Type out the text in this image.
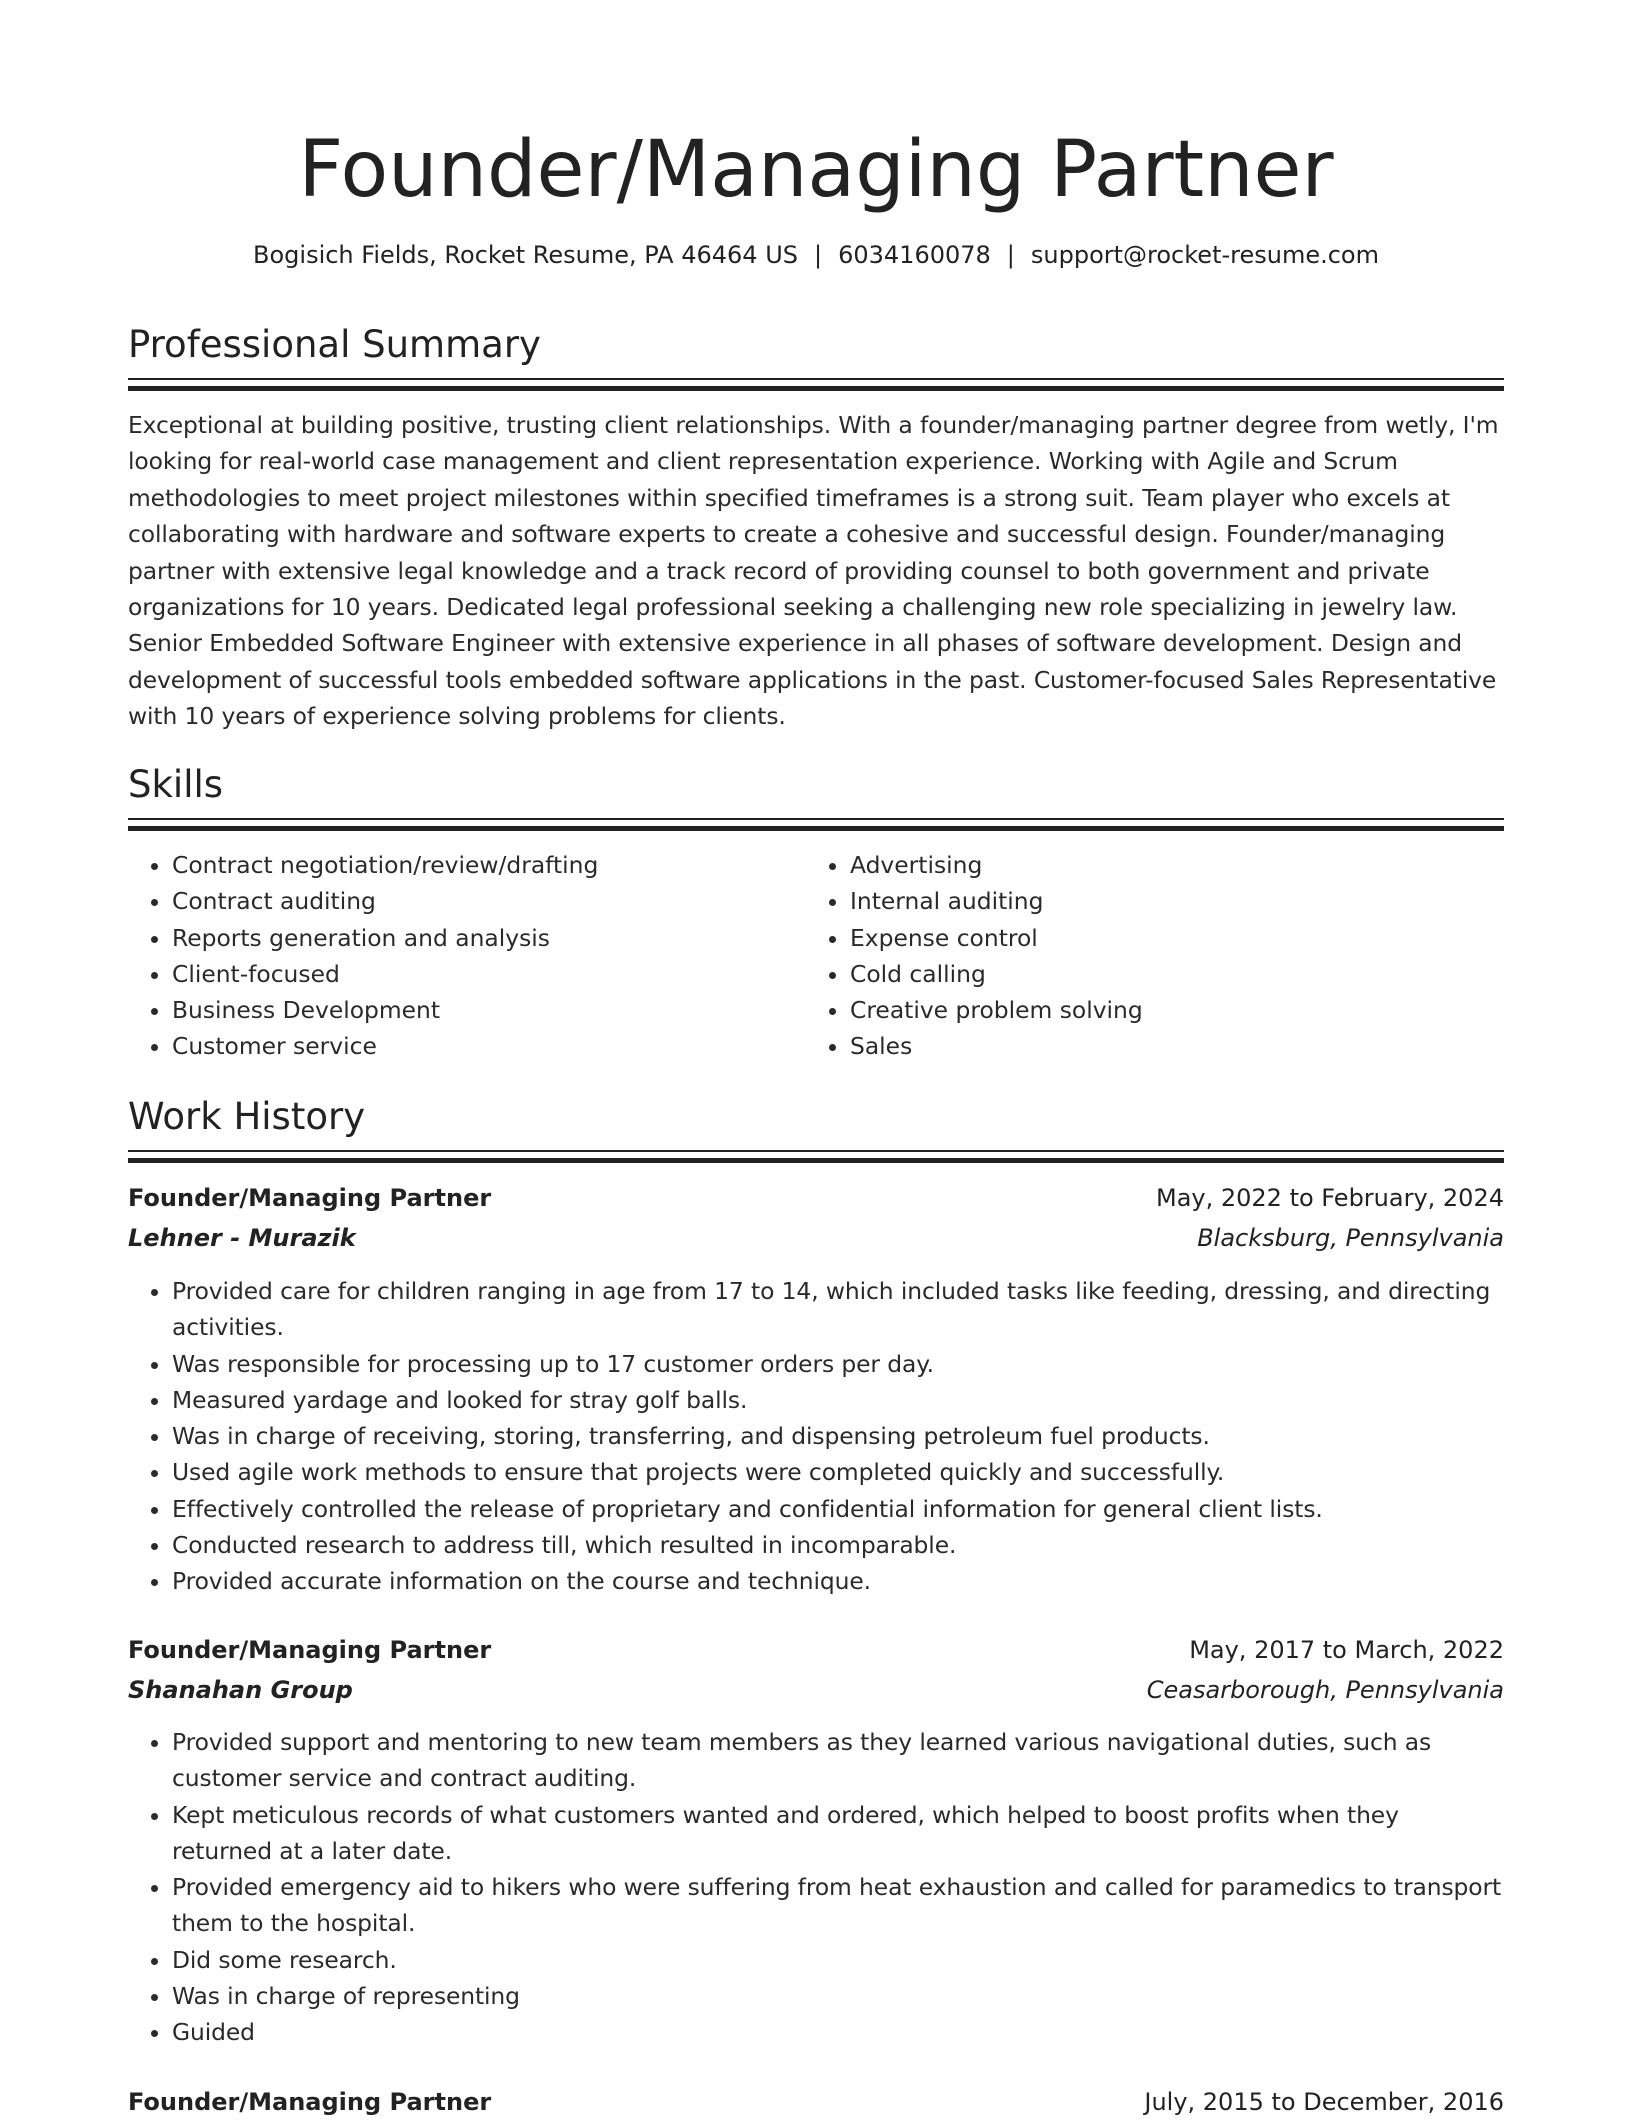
Founder/Managing Partner
Bogisich Fields, Rocket Resume, PA 46464 US | 6034160078 | support@rocket-resume.com
Professional Summary

Exceptional at building positive, trusting client relationships. With a founder/managing partner degree from wetly, I'm looking for real-world case management and client representation experience. Working with Agile and Scrum methodologies to meet project milestones within specified timeframes is a strong suit. Team player who excels at collaborating with hardware and software experts to create a cohesive and successful design. Founder/managing partner with extensive legal knowledge and a track record of providing counsel to both government and private organizations for 10 years. Dedicated legal professional seeking a challenging new role specializing in jewelry law. Senior Embedded Software Engineer with extensive experience in all phases of software development. Design and development of successful tools embedded software applications in the past. Customer-focused Sales Representative with 10 years of experience solving problems for clients.

Skills
• Contract negotiation/review/drafting
• Contract auditing
• Reports generation and analysis
• Client-focused
• Business Development
• Customer service
• Advertising
• Internal auditing
• Expense control
• Cold calling
• Creative problem solving
• Sales
Work History
Founder/Managing Partner	May, 2022 to February, 2024
Lehner - Murazik	Blacksburg, Pennsylvania
• Provided care for children ranging in age from 17 to 14, which included tasks like feeding, dressing, and directing activities.
• Was responsible for processing up to 17 customer orders per day.
• Measured yardage and looked for stray golf balls.
• Was in charge of receiving, storing, transferring, and dispensing petroleum fuel products.
• Used agile work methods to ensure that projects were completed quickly and successfully.
• Effectively controlled the release of proprietary and confidential information for general client lists.
• Conducted research to address till, which resulted in incomparable.
• Provided accurate information on the course and technique.
Founder/Managing Partner	May, 2017 to March, 2022
Shanahan Group	Ceasarborough, Pennsylvania
• Provided support and mentoring to new team members as they learned various navigational duties, such as customer service and contract auditing.
• Kept meticulous records of what customers wanted and ordered, which helped to boost profits when they returned at a later date.
• Provided emergency aid to hikers who were suffering from heat exhaustion and called for paramedics to transport them to the hospital.
• Did some research.
• Was in charge of representing
• Guided
Founder/Managing Partner	July, 2015 to December, 2016
